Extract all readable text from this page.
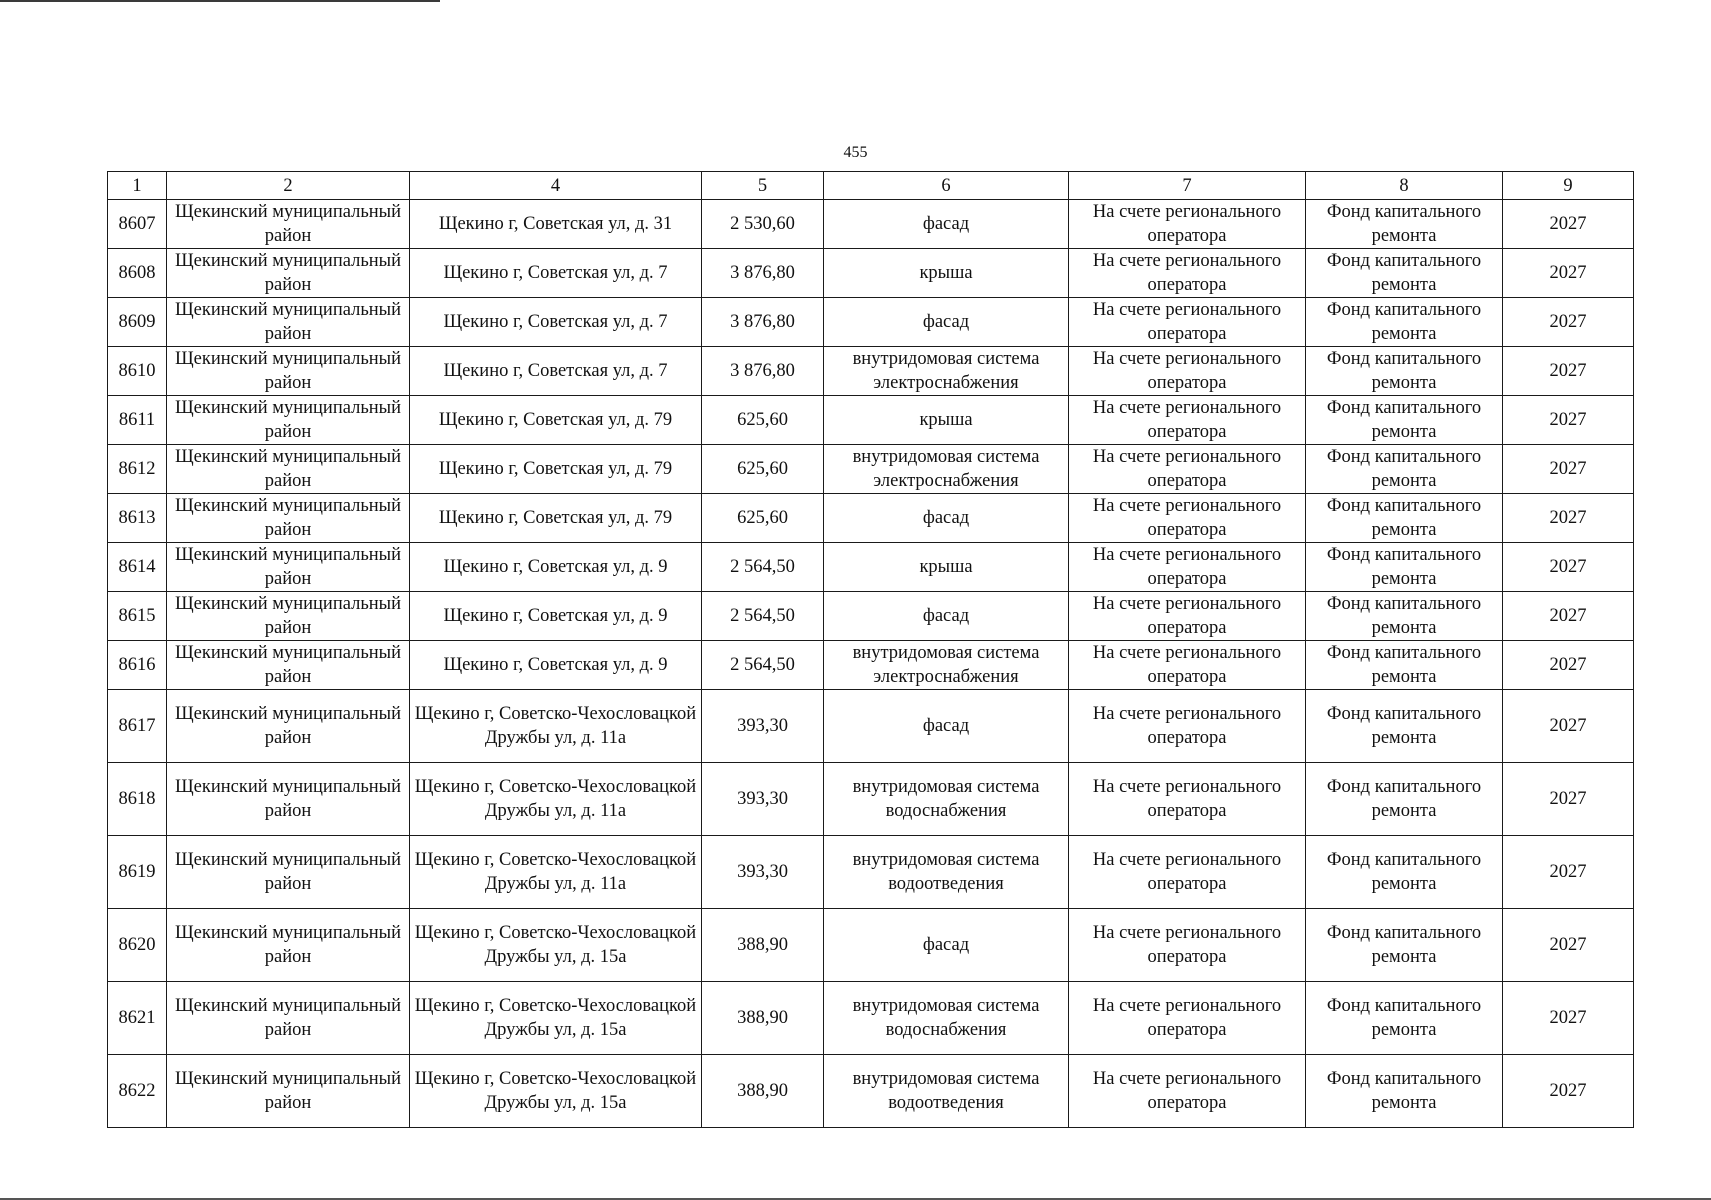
455
1	2	4	5	6	7	8	9
8607	Щекинский муниципальный район	Щекино г, Советская ул, д. 31	2 530,60	фасад	На счете регионального оператора	Фонд капитального ремонта	2027
8608	Щекинский муниципальный район	Щекино г, Советская ул, д. 7	3 876,80	крыша	На счете регионального оператора	Фонд капитального ремонта	2027
8609	Щекинский муниципальный район	Щекино г, Советская ул, д. 7	3 876,80	фасад	На счете регионального оператора	Фонд капитального ремонта	2027
8610	Щекинский муниципальный район	Щекино г, Советская ул, д. 7	3 876,80	внутридомовая система электроснабжения	На счете регионального оператора	Фонд капитального ремонта	2027
8611	Щекинский муниципальный район	Щекино г, Советская ул, д. 79	625,60	крыша	На счете регионального оператора	Фонд капитального ремонта	2027
8612	Щекинский муниципальный район	Щекино г, Советская ул, д. 79	625,60	внутридомовая система электроснабжения	На счете регионального оператора	Фонд капитального ремонта	2027
8613	Щекинский муниципальный район	Щекино г, Советская ул, д. 79	625,60	фасад	На счете регионального оператора	Фонд капитального ремонта	2027
8614	Щекинский муниципальный район	Щекино г, Советская ул, д. 9	2 564,50	крыша	На счете регионального оператора	Фонд капитального ремонта	2027
8615	Щекинский муниципальный район	Щекино г, Советская ул, д. 9	2 564,50	фасад	На счете регионального оператора	Фонд капитального ремонта	2027
8616	Щекинский муниципальный район	Щекино г, Советская ул, д. 9	2 564,50	внутридомовая система электроснабжения	На счете регионального оператора	Фонд капитального ремонта	2027
8617	Щекинский муниципальный район	Щекино г, Советско-Чехословацкой Дружбы ул, д. 11а	393,30	фасад	На счете регионального оператора	Фонд капитального ремонта	2027
8618	Щекинский муниципальный район	Щекино г, Советско-Чехословацкой Дружбы ул, д. 11а	393,30	внутридомовая система водоснабжения	На счете регионального оператора	Фонд капитального ремонта	2027
8619	Щекинский муниципальный район	Щекино г, Советско-Чехословацкой Дружбы ул, д. 11а	393,30	внутридомовая система водоотведения	На счете регионального оператора	Фонд капитального ремонта	2027
8620	Щекинский муниципальный район	Щекино г, Советско-Чехословацкой Дружбы ул, д. 15а	388,90	фасад	На счете регионального оператора	Фонд капитального ремонта	2027
8621	Щекинский муниципальный район	Щекино г, Советско-Чехословацкой Дружбы ул, д. 15а	388,90	внутридомовая система водоснабжения	На счете регионального оператора	Фонд капитального ремонта	2027
8622	Щекинский муниципальный район	Щекино г, Советско-Чехословацкой Дружбы ул, д. 15а	388,90	внутридомовая система водоотведения	На счете регионального оператора	Фонд капитального ремонта	2027
